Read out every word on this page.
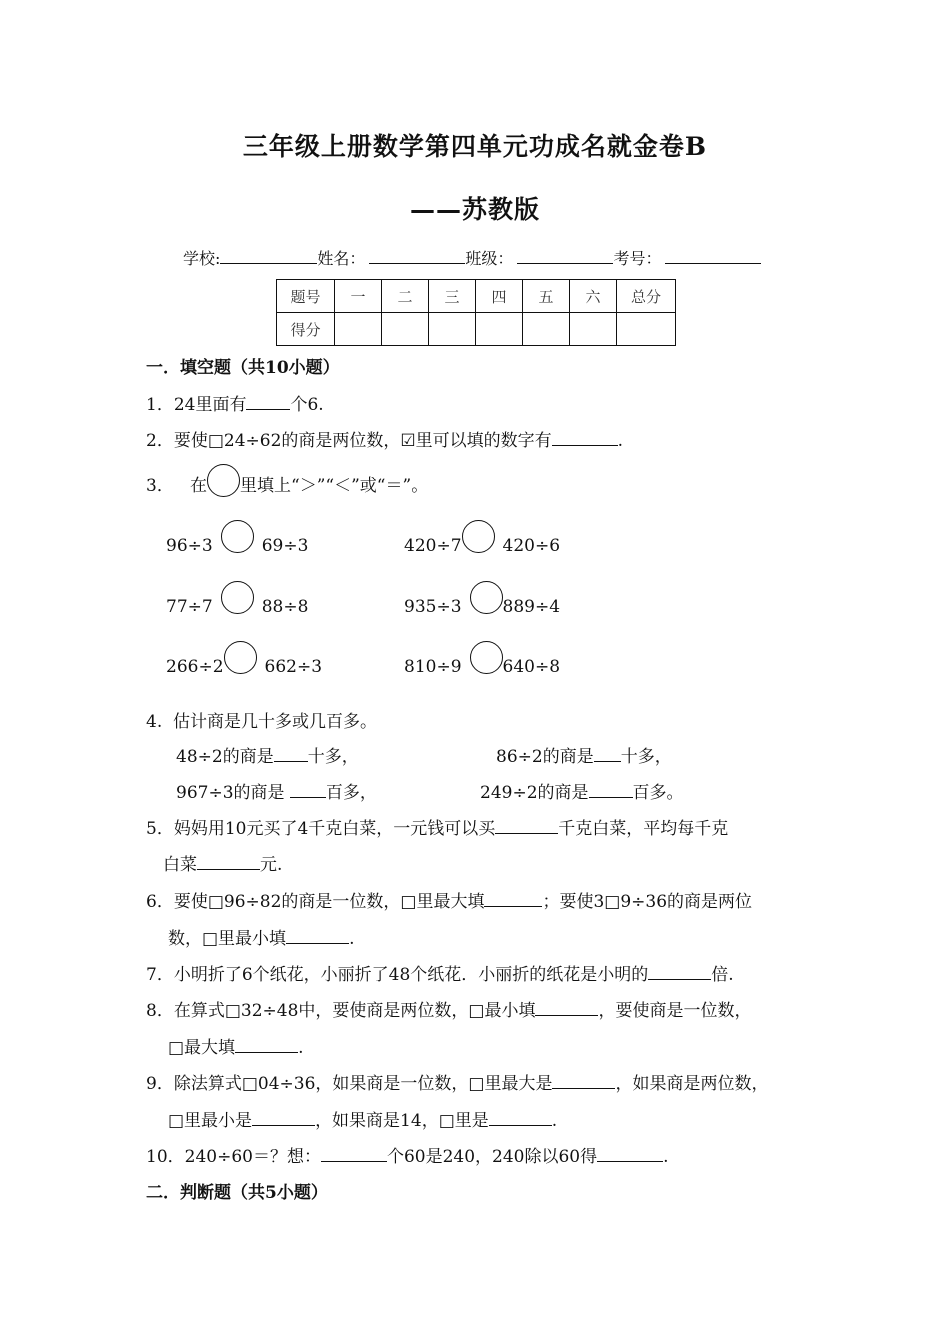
三年级上册数学第四单元功成名就金卷B
——苏教版
学校:	姓名：	班级：	考号：
题号	一	二	三	四	五	六	总分
得分							
一．填空题（共10小题）
1．24里面有	个6.
2．要使□24÷62的商是两位数，☑里可以填的数字有	.
3． 在 里填上“＞”“＜”或“＝”。
96÷3	69÷3	420÷7 420÷6
77÷7	88÷8	935÷3 889÷4
266÷2 662÷3	810÷9 640÷8
4. 估计商是几十多或几百多。
48÷2的商是 十多，	86÷2的商是 十多，
967÷3的商是 百多，	249÷2的商是	百多。
5．妈妈用10元买了4千克白菜，一元钱可以买	千克白菜，平均每千克
白菜	元.
6．要使□96÷82的商是一位数，□里最大填	；要使3□9÷36的商是两位
数，□里最小填	.
7．小明折了6个纸花，小丽折了48个纸花．小丽折的纸花是小明的	倍.
8．在算式□32÷48中，要使商是两位数，□最小填	，要使商是一位数，
□最大填	.
9．除法算式□04÷36，如果商是一位数，□里最大是	，如果商是两位数，
□里最小是	，如果商是14，□里是	.
10．240÷60＝？想：	个60是240，240除以60得	.
二．判断题（共5小题）
